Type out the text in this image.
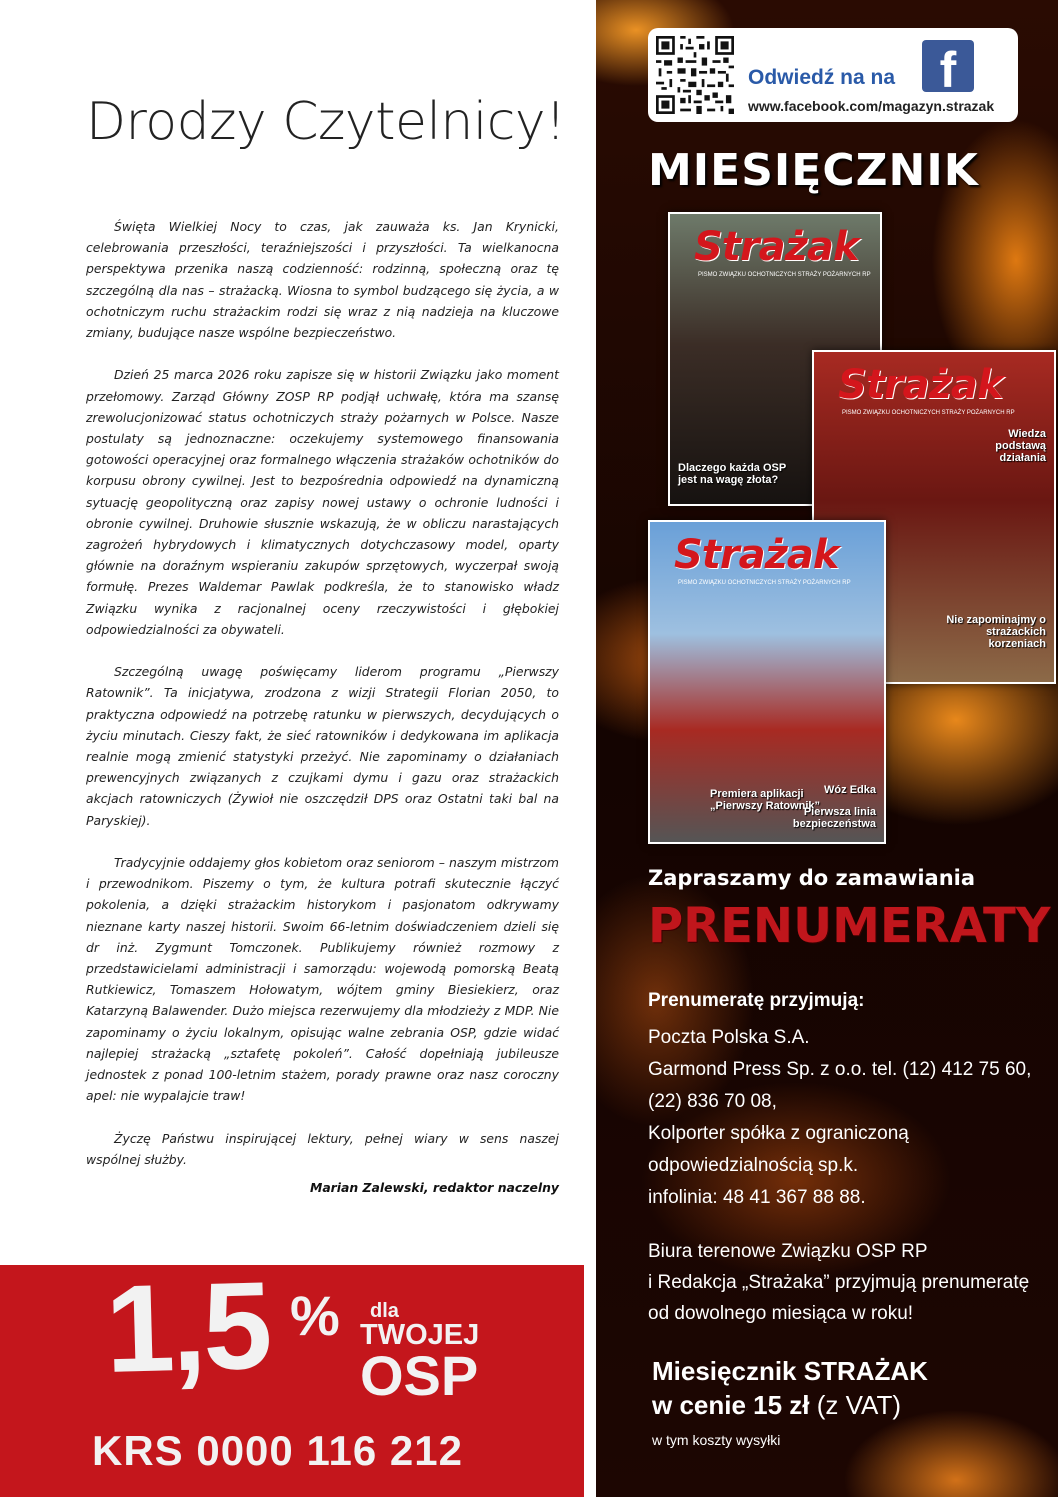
Drodzy Czytelnicy!

Święta Wielkiej Nocy to czas, jak zauważa ks. Jan Krynicki, celebrowania przeszłości, teraźniejszości i przyszłości. Ta wielkanocna perspektywa przenika naszą codzienność: rodzinną, społeczną oraz tę szczególną dla nas – strażacką. Wiosna to symbol budzącego się życia, a w ochotniczym ruchu strażackim rodzi się wraz z nią nadzieja na kluczowe zmiany, budujące nasze wspólne bezpieczeństwo.

Dzień 25 marca 2026 roku zapisze się w historii Związku jako moment przełomowy. Zarząd Główny ZOSP RP podjął uchwałę, która ma szansę zrewolucjonizować status ochotniczych straży pożarnych w Polsce. Nasze postulaty są jednoznaczne: oczekujemy systemowego finansowania gotowości operacyjnej oraz formalnego włączenia strażaków ochotników do korpusu obrony cywilnej. Jest to bezpośrednia odpowiedź na dynamiczną sytuację geopolityczną oraz zapisy nowej ustawy o ochronie ludności i obronie cywilnej. Druhowie słusznie wskazują, że w obliczu narastających zagrożeń hybrydowych i klimatycznych dotychczasowy model, oparty głównie na doraźnym wspieraniu zakupów sprzętowych, wyczerpał swoją formułę. Prezes Waldemar Pawlak podkreśla, że to stanowisko władz Związku wynika z racjonalnej oceny rzeczywistości i głębokiej odpowiedzialności za obywateli.

Szczególną uwagę poświęcamy liderom programu „Pierwszy Ratownik”. Ta inicjatywa, zrodzona z wizji Strategii Florian 2050, to praktyczna odpowiedź na potrzebę ratunku w pierwszych, decydujących o życiu minutach. Cieszy fakt, że sieć ratowników i dedykowana im aplikacja realnie mogą zmienić statystyki przeżyć. Nie zapominamy o działaniach prewencyjnych związanych z czujkami dymu i gazu oraz strażackich akcjach ratowniczych (Żywioł nie oszczędził DPS oraz Ostatni taki bal na Paryskiej).

Tradycyjnie oddajemy głos kobietom oraz seniorom – naszym mistrzom i przewodnikom. Piszemy o tym, że kultura potrafi skutecznie łączyć pokolenia, a dzięki strażackim historykom i pasjonatom odkrywamy nieznane karty naszej historii. Swoim 66-letnim doświadczeniem dzieli się dr inż. Zygmunt Tomczonek. Publikujemy również rozmowy z przedstawicielami administracji i samorządu: wojewodą pomorską Beatą Rutkiewicz, Tomaszem Hołowatym, wójtem gminy Biesiekierz, oraz Katarzyną Balawender. Dużo miejsca rezerwujemy dla młodzieży z MDP. Nie zapominamy o życiu lokalnym, opisując walne zebrania OSP, gdzie widać najlepiej strażacką „sztafetę pokoleń”. Całość dopełniają jubileusze jednostek z ponad 100-letnim stażem, porady prawne oraz nasz coroczny apel: nie wypalajcie traw!

Życzę Państwu inspirującej lektury, pełnej wiary w sens naszej wspólnej służby.

Marian Zalewski, redaktor naczelny
1,5 % dla
TWOJEJ
OSP
KRS 0000 116 212
Odwiedź na na f
www.facebook.com/magazyn.strazak
MIESIĘCZNIK
Strażak
PISMO ZWIĄZKU OCHOTNICZYCH STRAŻY POŻARNYCH RP
Dlaczego każda OSP jest na wagę złota?
Strażak
PISMO ZWIĄZKU OCHOTNICZYCH STRAŻY POŻARNYCH RP
Wiedza podstawą działania
Nie zapominajmy o strażackich korzeniach
Strażak
PISMO ZWIĄZKU OCHOTNICZYCH STRAŻY POŻARNYCH RP
Premiera aplikacji „Pierwszy Ratownik”
Wóz Edka
Pierwsza linia bezpieczeństwa
Zapraszamy do zamawiania
PRENUMERATY
Prenumeratę przyjmują:
Poczta Polska S.A.
Garmond Press Sp. z o.o. tel. (12) 412 75 60,
(22) 836 70 08,
Kolporter spółka z ograniczoną
odpowiedzialnością sp.k.
infolinia: 48 41 367 88 88.
Biura terenowe Związku OSP RP
i Redakcja „Strażaka” przyjmują prenumeratę
od dowolnego miesiąca w roku!
Miesięcznik STRAŻAK
w cenie 15 zł (z VAT)
w tym koszty wysyłki
